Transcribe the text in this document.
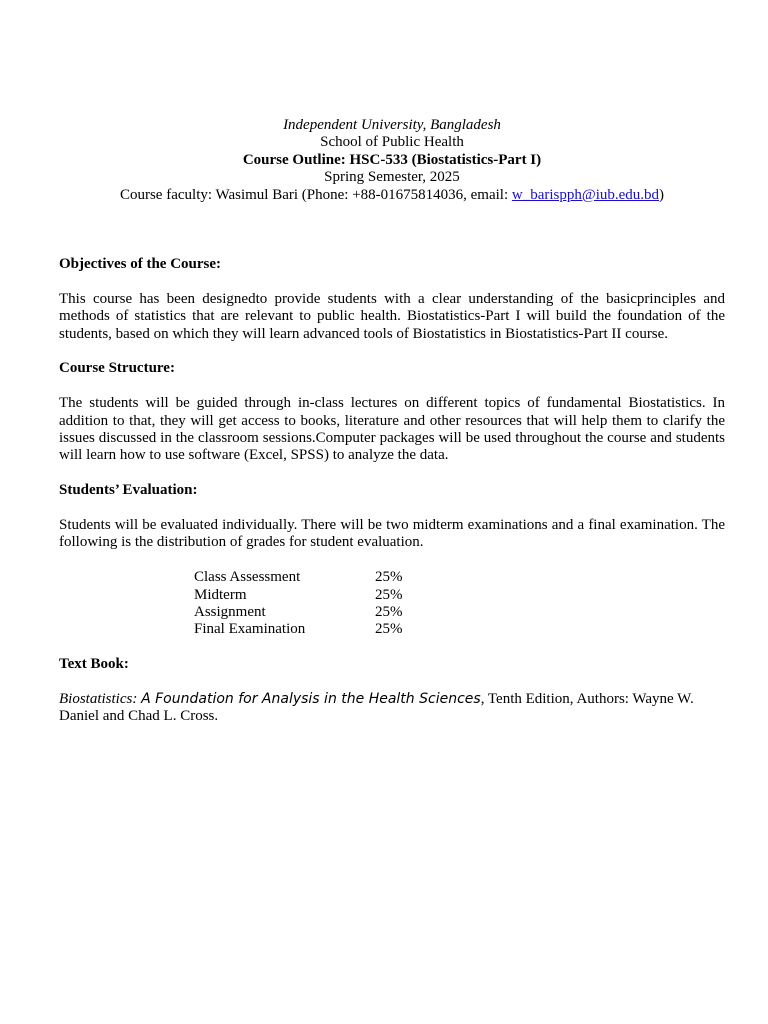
Independent University, Bangladesh
School of Public Health
Course Outline: HSC-533 (Biostatistics-Part I)
Spring Semester, 2025
Course faculty: Wasimul Bari (Phone: +88-01675814036, email: w_barispph@iub.edu.bd)
Objectives of the Course:

This course has been designedto provide students with a clear understanding of the basicprinciples and methods of statistics that are relevant to public health. Biostatistics-Part I will build the foundation of the students, based on which they will learn advanced tools of Biostatistics in Biostatistics-Part II course.

Course Structure:

The students will be guided through in-class lectures on different topics of fundamental Biostatistics. In addition to that, they will get access to books, literature and other resources that will help them to clarify the issues discussed in the classroom sessions.Computer packages will be used throughout the course and students will learn how to use software (Excel, SPSS) to analyze the data.

Students’ Evaluation:

Students will be evaluated individually. There will be two midterm examinations and a final examination. The following is the distribution of grades for student evaluation.

Class Assessment	25%
Midterm	25%
Assignment	25%
Final Examination	25%
Text Book:

Biostatistics: A Foundation for Analysis in the Health Sciences, Tenth Edition, Authors: Wayne W. Daniel and Chad L. Cross.
